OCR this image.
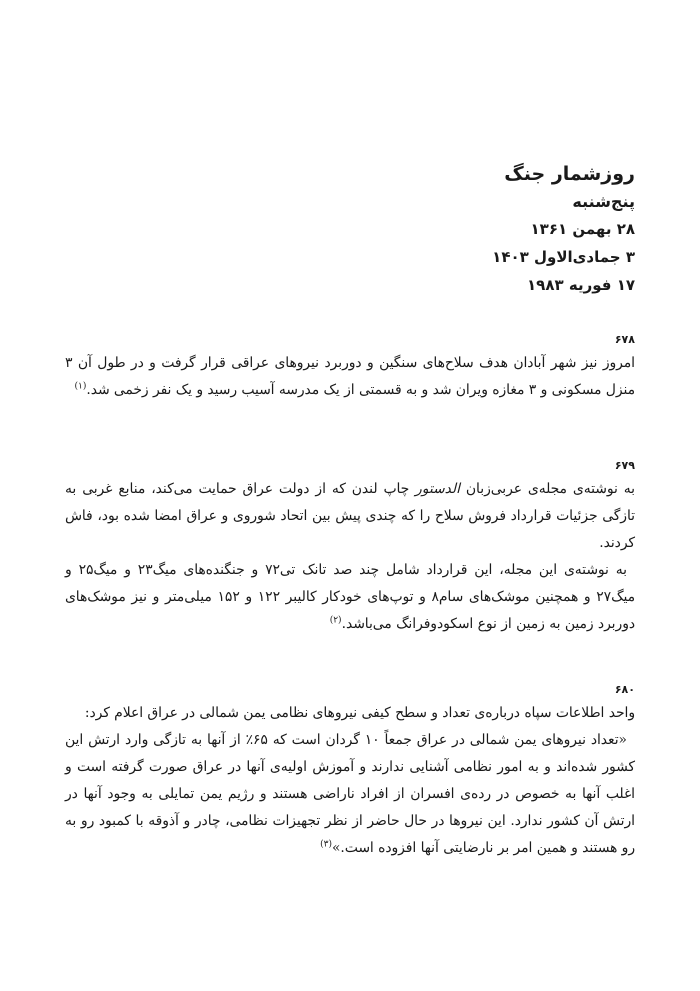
روزشمار جنگ

پنج‌شنبه

۲۸ بهمن ۱۳۶۱

۳ جمادی‌الاول ۱۴۰۳

۱۷ فوریه ۱۹۸۳

۶۷۸

امروز نیز شهر آبادان هدف سلاح‌های سنگین و دوربرد نیروهای عراقی قرار گرفت و در طول آن ۳ منزل مسکونی و ۳ مغازه ویران شد و به قسمتی از یک مدرسه آسیب رسید و یک نفر زخمی شد.$^{(۱)}$

۶۷۹

به نوشته‌ی مجله‌ی عربی‌زبان الدستور چاپ لندن که از دولت عراق حمایت می‌کند، منابع غربی به تازگی جزئیات قرارداد فروش سلاح را که چندی پیش بین اتحاد شوروی و عراق امضا شده بود، فاش کردند.

به نوشته‌ی این مجله، این قرارداد شامل چند صد تانک تی۷۲ و جنگنده‌های میگ۲۳ و میگ۲۵ و میگ۲۷ و همچنین موشک‌های سام۸ و توپ‌های خودکار کالیبر ۱۲۲ و ۱۵۲ میلی‌متر و نیز موشک‌های دوربرد زمین به زمین از نوع اسکودوفرانگ می‌باشد.$^{(۲)}$

۶۸۰

واحد اطلاعات سپاه درباره‌ی تعداد و سطح کیفی نیروهای نظامی یمن شمالی در عراق اعلام کرد:

«تعداد نیروهای یمن شمالی در عراق جمعاً ۱۰ گردان است که ۶۵٪ از آنها به تازگی وارد ارتش این کشور شده‌اند و به امور نظامی آشنایی ندارند و آموزش اولیه‌ی آنها در عراق صورت گرفته است و اغلب آنها به خصوص در رده‌ی افسران از افراد ناراضی هستند و رژیم یمن تمایلی به وجود آنها در ارتش آن کشور ندارد. این نیروها در حال حاضر از نظر تجهیزات نظامی، چادر و آذوقه با کمبود رو به رو هستند و همین امر بر نارضایتی آنها افزوده است.»$^{(۳)}$
